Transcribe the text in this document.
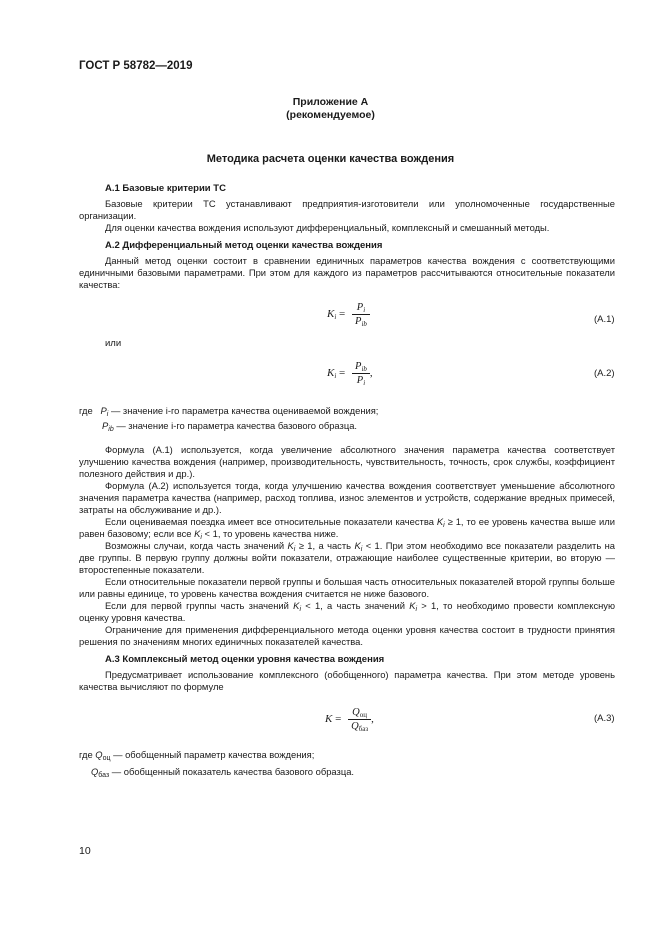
ГОСТ Р 58782—2019
Приложение А
(рекомендуемое)
Методика расчета оценки качества вождения
А.1 Базовые критерии ТС
Базовые критерии ТС устанавливают предприятия-изготовители или уполномоченные государственные организации.
Для оценки качества вождения используют дифференциальный, комплексный и смешанный методы.
А.2 Дифференциальный метод оценки качества вождения
Данный метод оценки состоит в сравнении единичных параметров качества вождения с соответствующими единичными базовыми параметрами. При этом для каждого из параметров рассчитываются относительные показатели качества:
$K_i = \frac{P_i}{P_{ib}}$	(А.1)
или
$K_i = \frac{P_{ib}}{P_i}$ ,	(А.2)
где $P_i$ — значение i-го параметра качества оцениваемой вождения;
$P_{ib}$ — значение i-го параметра качества базового образца.
Формула (А.1) используется, когда увеличение абсолютного значения параметра качества соответствует улучшению качества вождения (например, производительность, чувствительность, точность, срок службы, коэффициент полезного действия и др.).
Формула (А.2) используется тогда, когда улучшению качества вождения соответствует уменьшение абсолютного значения параметра качества (например, расход топлива, износ элементов и устройств, содержание вредных примесей, затраты на обслуживание и др.).
Если оцениваемая поездка имеет все относительные показатели качества $K_i \ge 1$, то ее уровень качества выше или равен базовому; если все $K_i < 1$, то уровень качества ниже.
Возможны случаи, когда часть значений $K_i \ge 1$, а часть $K_i < 1$. При этом необходимо все показатели разделить на две группы. В первую группу должны войти показатели, отражающие наиболее существенные критерии, во вторую — второстепенные показатели.
Если относительные показатели первой группы и большая часть относительных показателей второй группы больше или равны единице, то уровень качества вождения считается не ниже базового.
Если для первой группы часть значений $K_i < 1$, а часть значений $K_i > 1$, то необходимо провести комплексную оценку уровня качества.
Ограничение для применения дифференциального метода оценки уровня качества состоит в трудности принятия решения по значениям многих единичных показателей качества.
А.3 Комплексный метод оценки уровня качества вождения
Предусматривает использование комплексного (обобщенного) параметра качества. При этом методе уровень качества вычисляют по формуле
$K = \frac{Q_{оц}}{Q_{баз}}$ ,	(А.3)
где $Q_{оц}$ — обобщенный параметр качества вождения;
$Q_{баз}$ — обобщенный показатель качества базового образца.
10
